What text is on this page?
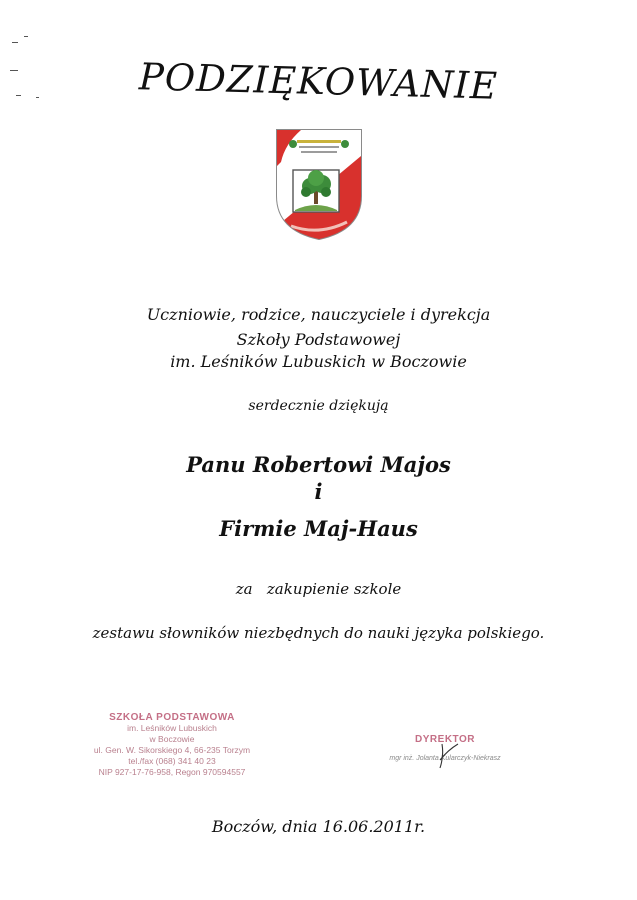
PODZIĘKOWANIE
Uczniowie, rodzice, nauczyciele i dyrekcja
Szkoły Podstawowej
im. Leśników Lubuskich w Boczowie
serdecznie dziękują
Panu Robertowi Majos
i
Firmie Maj-Haus
za   zakupienie szkole
zestawu słowników niezbędnych do nauki języka polskiego.
SZKOŁA PODSTAWOWA
im. Leśników Lubuskich
w Boczowie
ul. Gen. W. Sikorskiego 4, 66-235 Torzym
tel./fax (068) 341 40 23
NIP 927-17-76-958, Regon 970594557
DYREKTOR
mgr inż. Jolanta Kularczyk-Niekrasz
Boczów, dnia 16.06.2011r.
